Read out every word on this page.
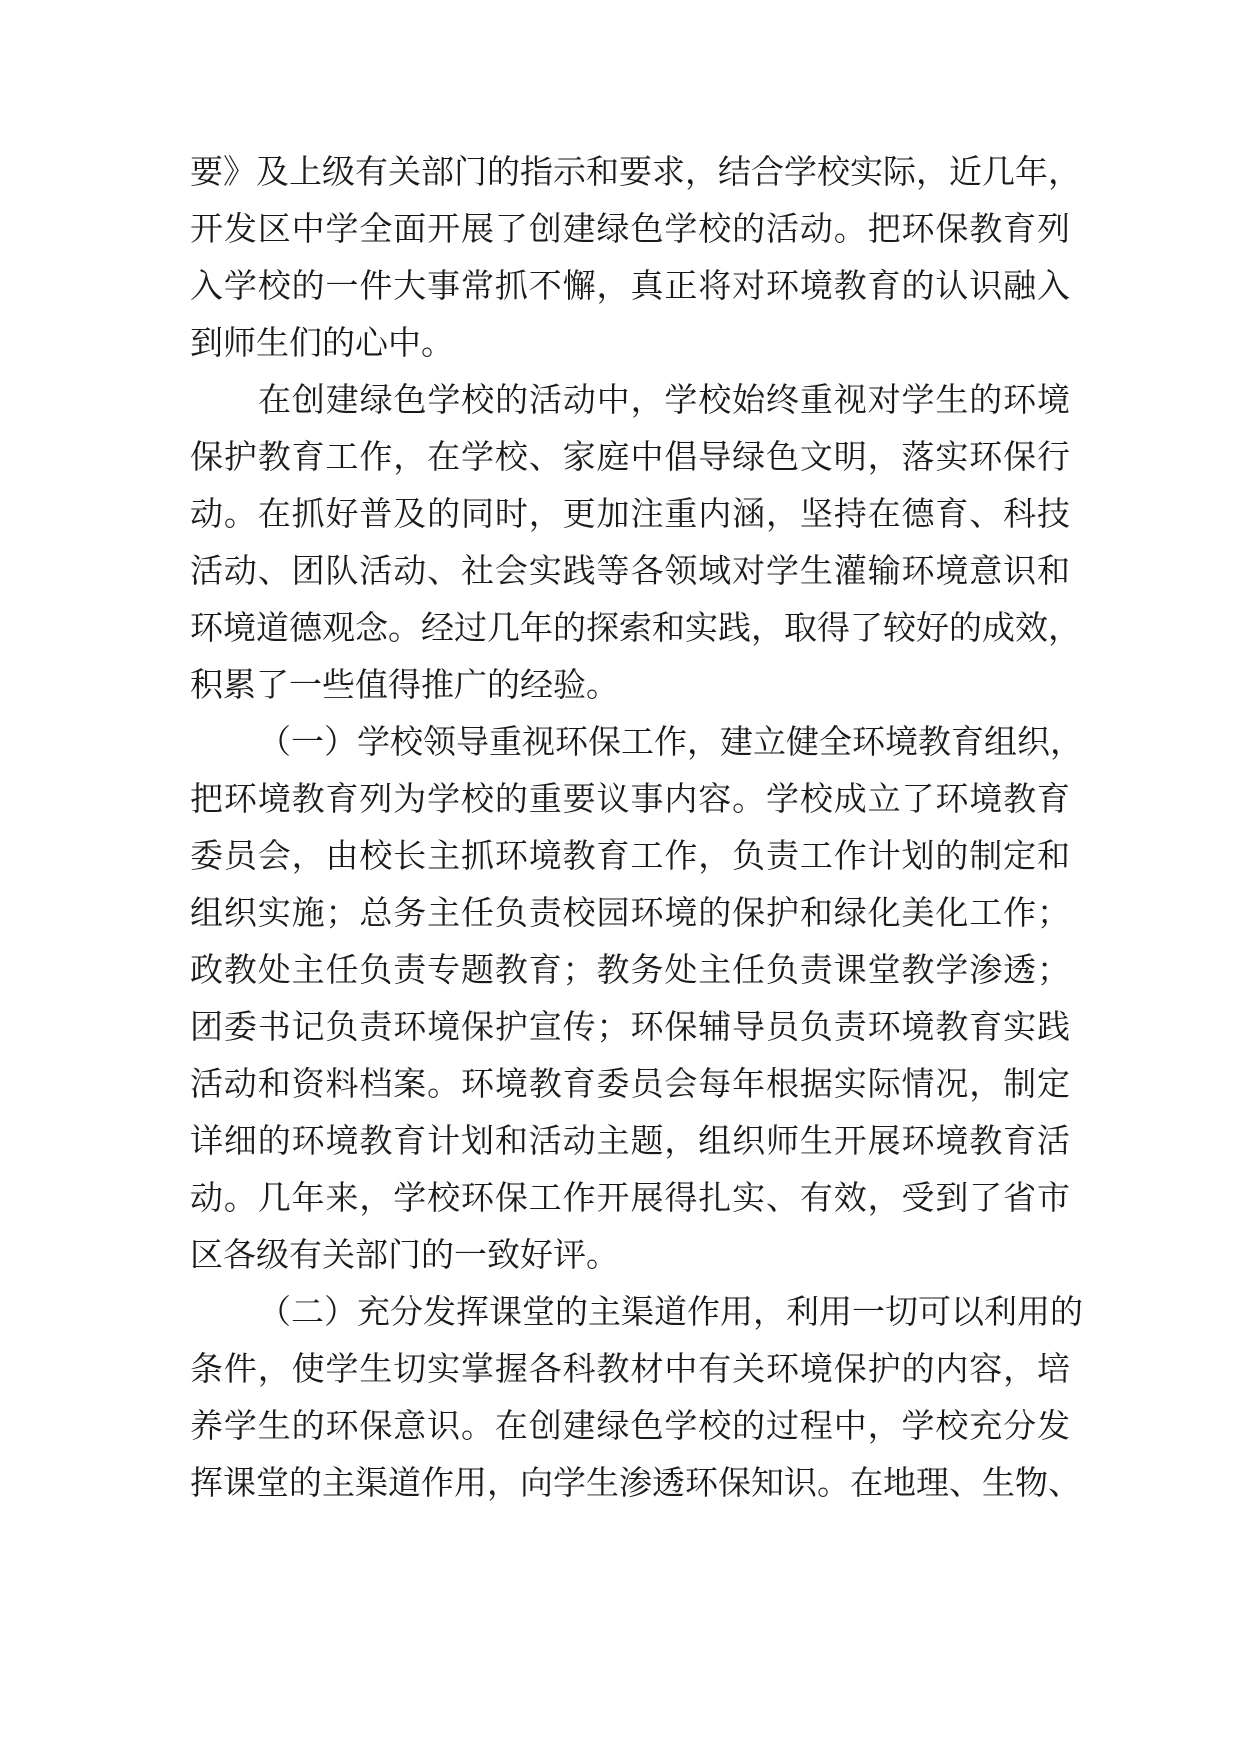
要》及上级有关部门的指示和要求，结合学校实际，近几年，
开发区中学全面开展了创建绿色学校的活动。把环保教育列
入学校的一件大事常抓不懈，真正将对环境教育的认识融入
到师生们的心中。
在创建绿色学校的活动中，学校始终重视对学生的环境
保护教育工作，在学校、家庭中倡导绿色文明，落实环保行
动。在抓好普及的同时，更加注重内涵，坚持在德育、科技
活动、团队活动、社会实践等各领域对学生灌输环境意识和
环境道德观念。经过几年的探索和实践，取得了较好的成效，
积累了一些值得推广的经验。
（一）学校领导重视环保工作，建立健全环境教育组织，
把环境教育列为学校的重要议事内容。学校成立了环境教育
委员会，由校长主抓环境教育工作，负责工作计划的制定和
组织实施；总务主任负责校园环境的保护和绿化美化工作；
政教处主任负责专题教育；教务处主任负责课堂教学渗透；
团委书记负责环境保护宣传；环保辅导员负责环境教育实践
活动和资料档案。环境教育委员会每年根据实际情况，制定
详细的环境教育计划和活动主题，组织师生开展环境教育活
动。几年来，学校环保工作开展得扎实、有效，受到了省市
区各级有关部门的一致好评。
（二）充分发挥课堂的主渠道作用，利用一切可以利用的
条件，使学生切实掌握各科教材中有关环境保护的内容，培
养学生的环保意识。在创建绿色学校的过程中，学校充分发
挥课堂的主渠道作用，向学生渗透环保知识。在地理、生物、
